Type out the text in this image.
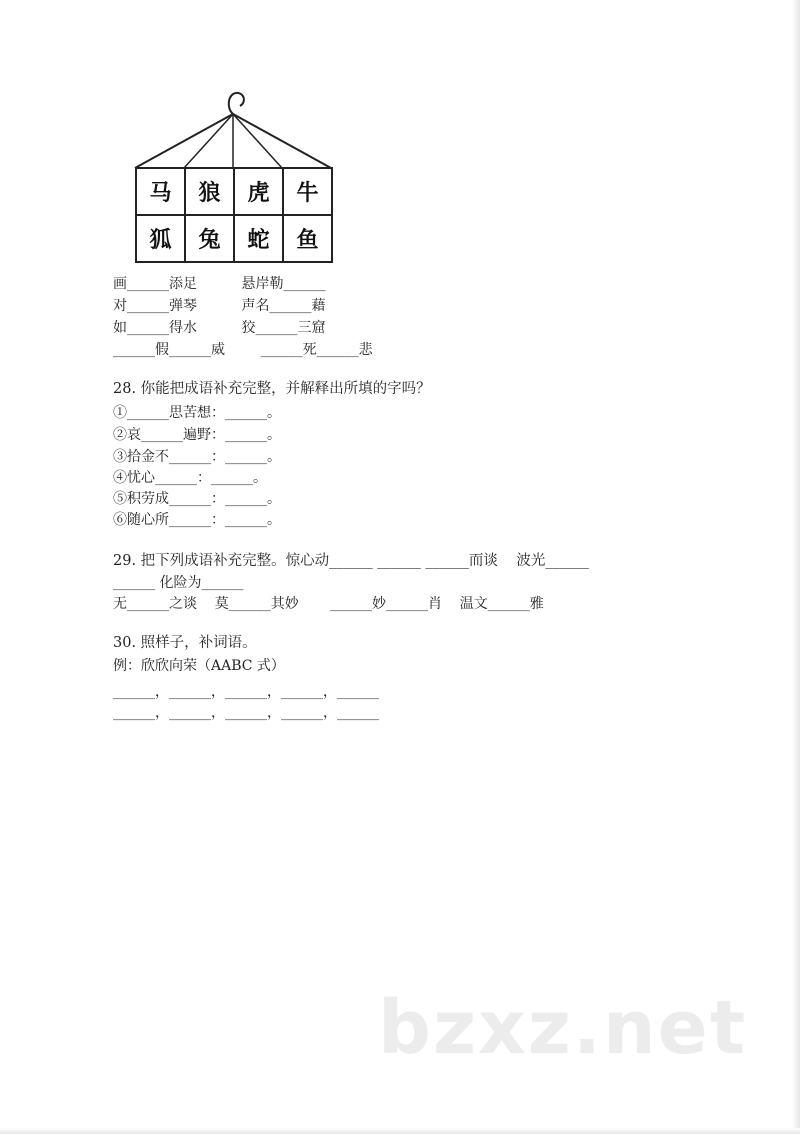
马	狼	虎	牛
狐	兔	蛇	鱼
画______添足          悬岸勒______
对______弹琴          声名______藉
如______得水          狡______三窟
______假______威        ______死______悲
28. 你能把成语补充完整，并解释出所填的字吗？
①______思苦想：______。
②哀______遍野：______。
③拾金不______：______。
④忧心______：______。
⑤积劳成______：______。
⑥随心所______：______。
29. 把下列成语补充完整。惊心动______ ______ ______而谈    波光______
______ 化险为______
无______之谈    莫______其妙       ______妙______肖    温文______雅
30. 照样子，补词语。
例：欣欣向荣（AABC 式）
______，______，______，______，______
______，______，______，______，______
bzxz.net
